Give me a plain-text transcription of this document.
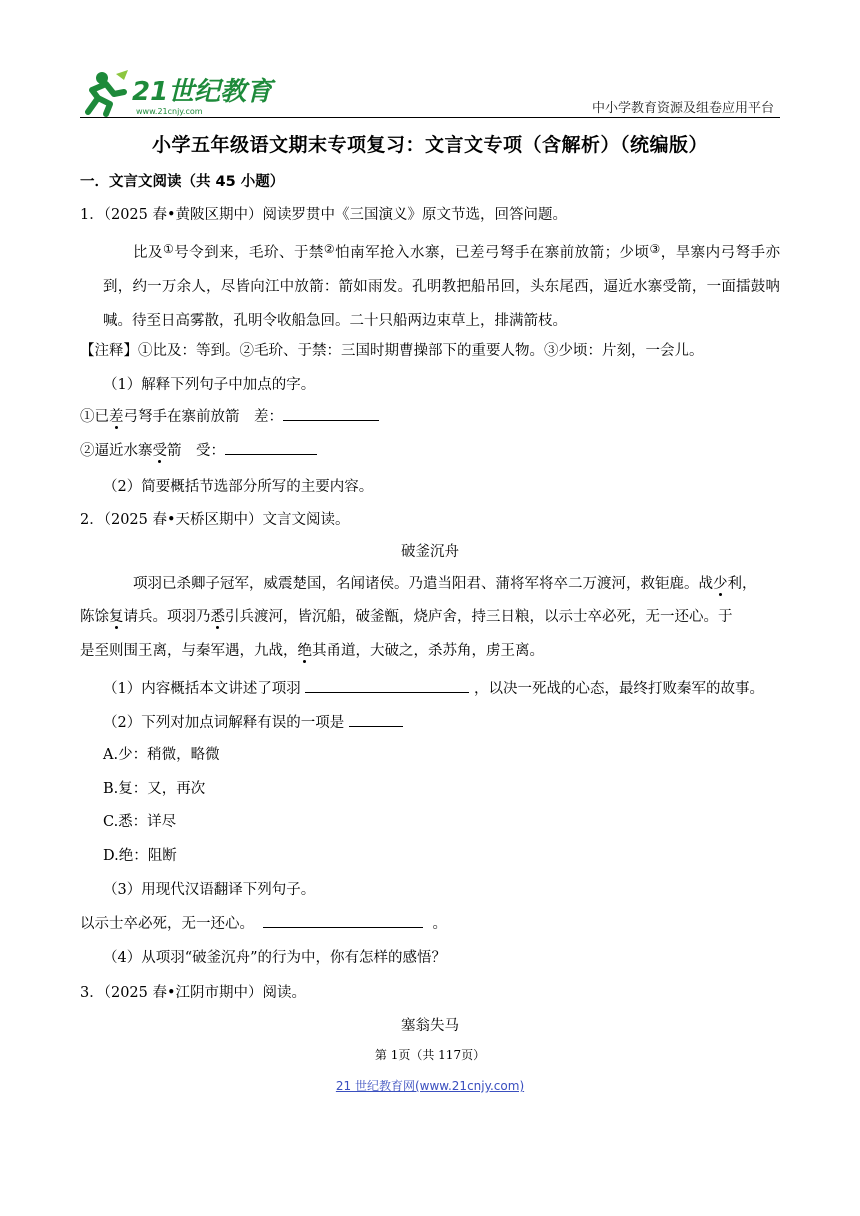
21世纪教育
www.21cnjy.com	中小学教育资源及组卷应用平台
小学五年级语文期末专项复习：文言文专项（含解析）（统编版）
一．文言文阅读（共 45 小题）
1．（2025 春•黄陂区期中）阅读罗贯中《三国演义》原文节选，回答问题。
比及①号令到来，毛玠、于禁②怕南军抢入水寨，已差弓弩手在寨前放箭；少顷③，旱寨内弓弩手亦到，约一万余人，尽皆向江中放箭：箭如雨发。孔明教把船吊回，头东尾西，逼近水寨受箭，一面擂鼓呐喊。待至日高雾散，孔明令收船急回。二十只船两边束草上，排满箭枝。
【注释】①比及：等到。②毛玠、于禁：三国时期曹操部下的重要人物。③少顷：片刻，一会儿。
（1）解释下列句子中加点的字。
①已差弓弩手在寨前放箭　差：
②逼近水寨受箭　受：
（2）简要概括节选部分所写的主要内容。
2．（2025 春•天桥区期中）文言文阅读。
破釜沉舟
项羽已杀卿子冠军，威震楚国，名闻诸侯。乃遣当阳君、蒲将军将卒二万渡河，救钜鹿。战少利，
陈馀复请兵。项羽乃悉引兵渡河，皆沉船，破釜甑，烧庐舍，持三日粮，以示士卒必死，无一还心。于
是至则围王离，与秦军遇，九战，绝其甬道，大破之，杀苏角，虏王离。
（1）内容概括本文讲述了项羽	，以决一死战的心态，最终打败秦军的故事。
（2）下列对加点词解释有误的一项是
A.少：稍微，略微
B.复：又，再次
C.悉：详尽
D.绝：阻断
（3）用现代汉语翻译下列句子。
以示士卒必死，无一还心。	。
（4）从项羽“破釜沉舟”的行为中，你有怎样的感悟？
3．（2025 春•江阴市期中）阅读。
塞翁失马
第 1页（共 117页）
21 世纪教育网(www.21cnjy.com)
